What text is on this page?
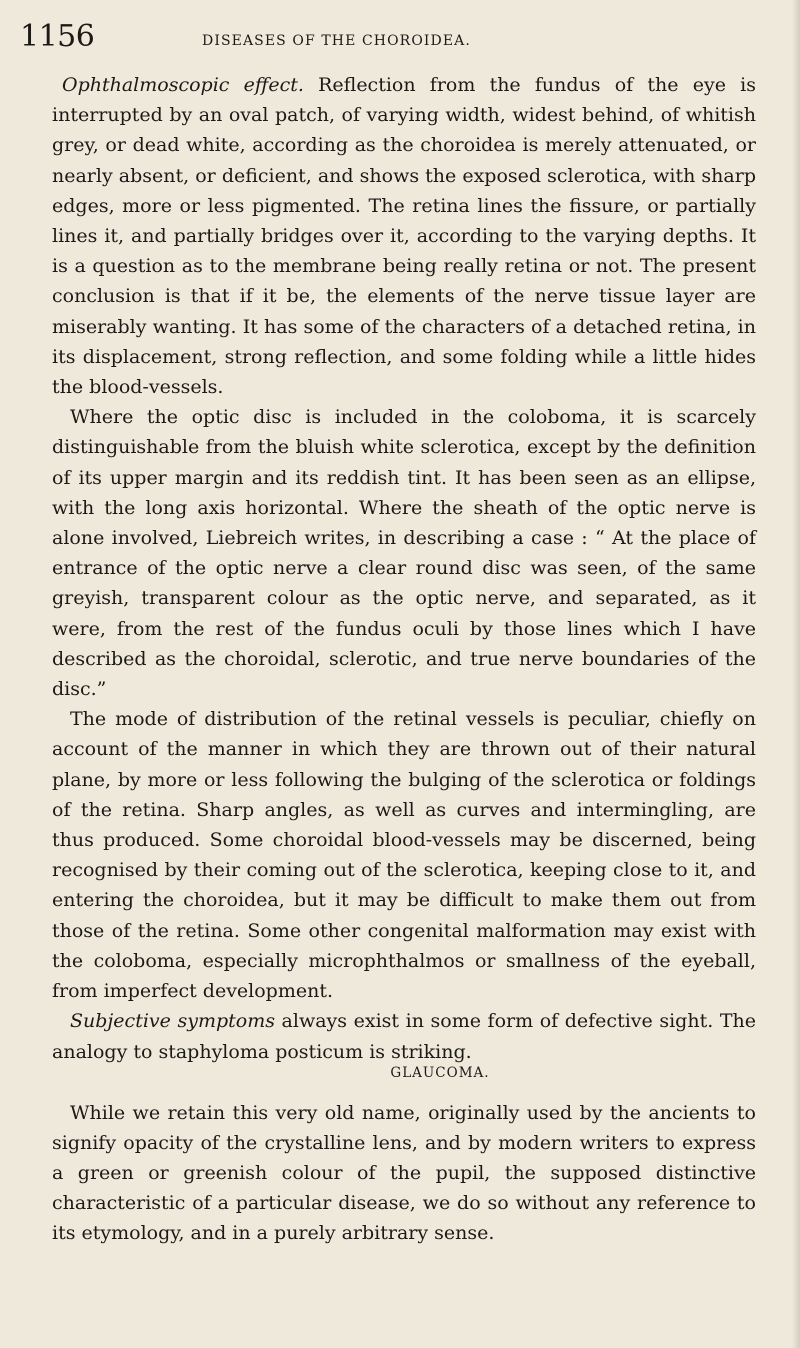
1156	DISEASES OF THE CHOROIDEA.

Ophthalmoscopic effect. Reflection from the fundus of the eye is interrupted by an oval patch, of varying width, widest behind, of whitish grey, or dead white, according as the choroidea is merely attenuated, or nearly absent, or deficient, and shows the exposed sclerotica, with sharp edges, more or less pigmented. The retina lines the fissure, or partially lines it, and partially bridges over it, according to the varying depths. It is a question as to the membrane being really retina or not. The present conclusion is that if it be, the elements of the nerve tissue layer are miserably wanting. It has some of the characters of a detached retina, in its displacement, strong reflection, and some folding while a little hides the blood-vessels.

Where the optic disc is included in the coloboma, it is scarcely distinguishable from the bluish white sclerotica, except by the definition of its upper margin and its reddish tint. It has been seen as an ellipse, with the long axis horizontal. Where the sheath of the optic nerve is alone involved, Liebreich writes, in describing a case : “ At the place of entrance of the optic nerve a clear round disc was seen, of the same greyish, transparent colour as the optic nerve, and separated, as it were, from the rest of the fundus oculi by those lines which I have described as the choroidal, sclerotic, and true nerve boundaries of the disc.”

The mode of distribution of the retinal vessels is peculiar, chiefly on account of the manner in which they are thrown out of their natural plane, by more or less following the bulging of the sclerotica or foldings of the retina. Sharp angles, as well as curves and intermingling, are thus produced. Some choroidal blood-vessels may be discerned, being recognised by their coming out of the sclerotica, keeping close to it, and entering the choroidea, but it may be difficult to make them out from those of the retina. Some other congenital malformation may exist with the coloboma, especially microphthalmos or smallness of the eyeball, from imperfect development.

Subjective symptoms always exist in some form of defective sight. The analogy to staphyloma posticum is striking.

GLAUCOMA.

While we retain this very old name, originally used by the ancients to signify opacity of the crystalline lens, and by modern writers to express a green or greenish colour of the pupil, the supposed distinctive characteristic of a particular disease, we do so without any reference to its etymology, and in a purely arbitrary sense.
